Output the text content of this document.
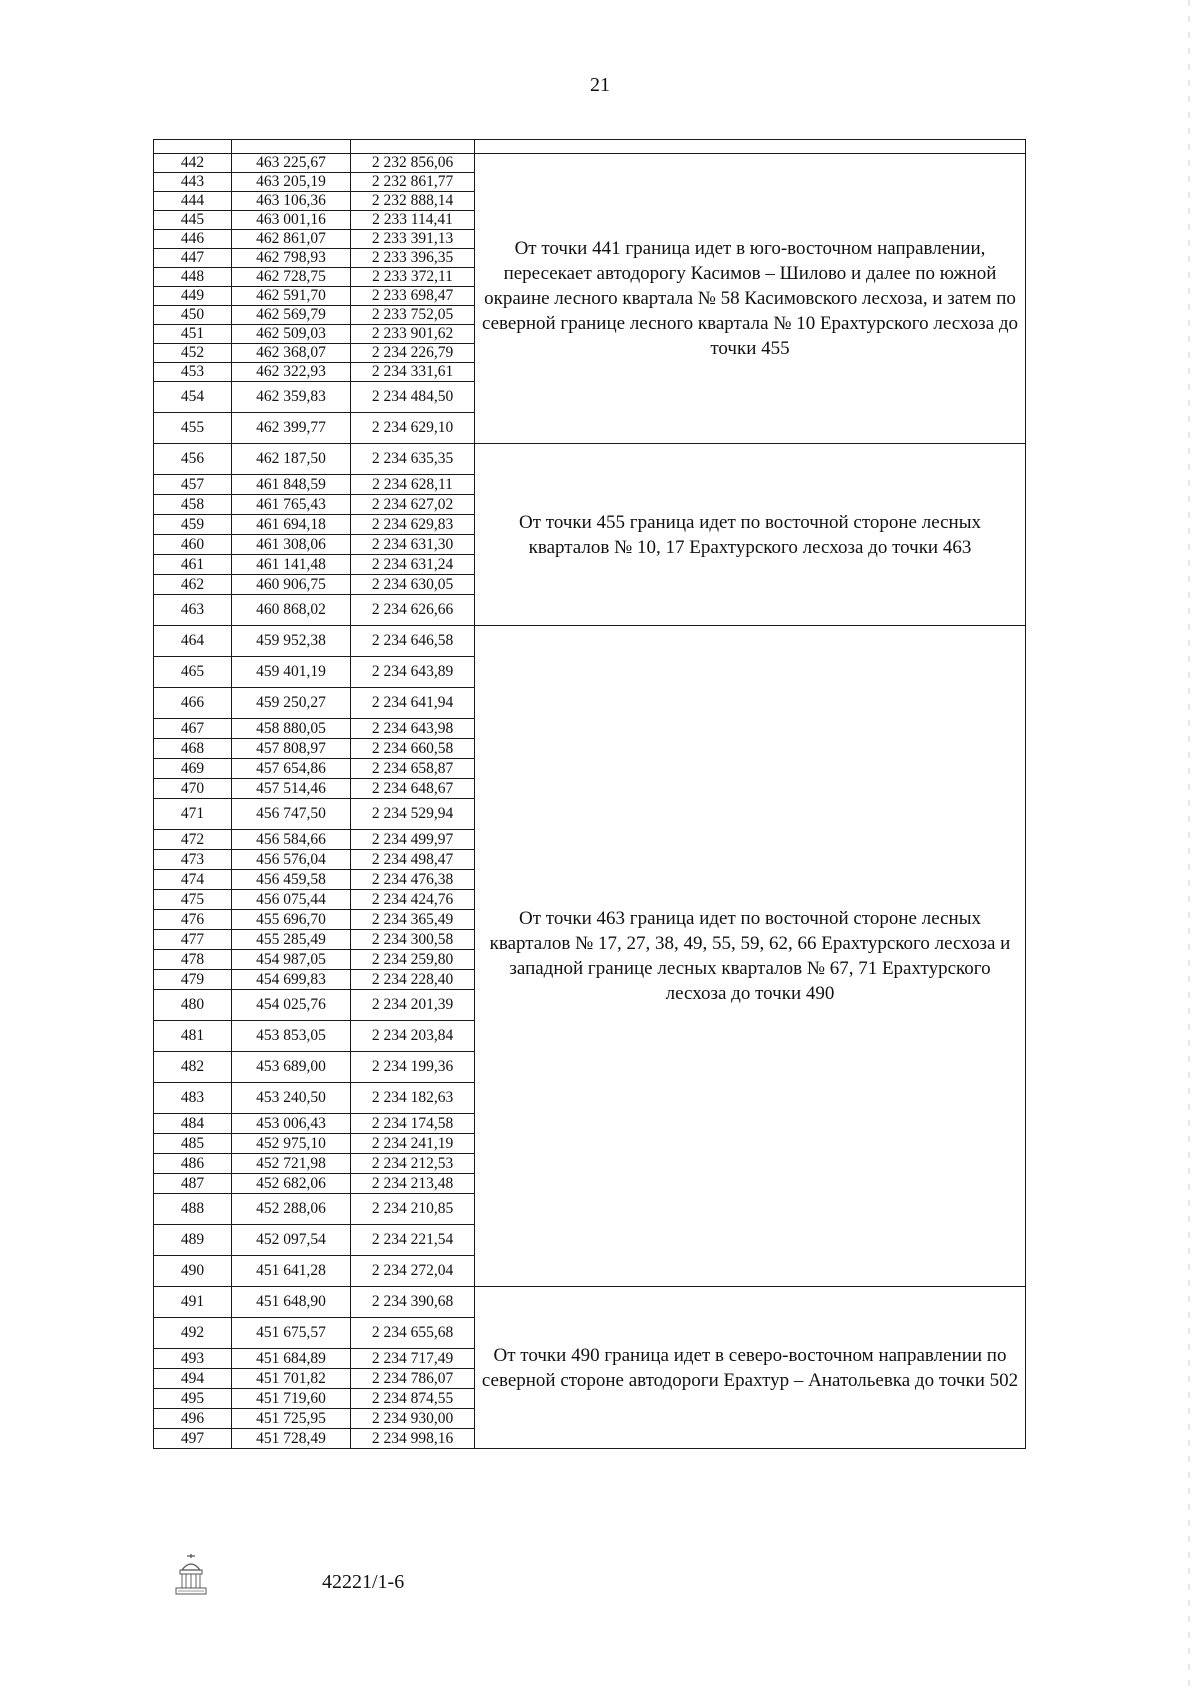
21

442	463 225,67	2 232 856,06	От точки 441 граница идет в юго-восточном направлении, пересекает автодорогу Касимов – Шилово и далее по южной окраине лесного квартала № 58 Касимовского лесхоза, и затем по северной границе лесного квартала № 10 Ерахтурского лесхоза до точки 455
443	463 205,19	2 232 861,77	
444	463 106,36	2 232 888,14	
445	463 001,16	2 233 114,41	
446	462 861,07	2 233 391,13	
447	462 798,93	2 233 396,35	
448	462 728,75	2 233 372,11	
449	462 591,70	2 233 698,47	
450	462 569,79	2 233 752,05	
451	462 509,03	2 233 901,62	
452	462 368,07	2 234 226,79	
453	462 322,93	2 234 331,61	
454	462 359,83	2 234 484,50	
455	462 399,77	2 234 629,10	
456	462 187,50	2 234 635,35	От точки 455 граница идет по восточной стороне лесных кварталов № 10, 17 Ерахтурского лесхоза до точки 463
457	461 848,59	2 234 628,11	
458	461 765,43	2 234 627,02	
459	461 694,18	2 234 629,83	
460	461 308,06	2 234 631,30	
461	461 141,48	2 234 631,24	
462	460 906,75	2 234 630,05	
463	460 868,02	2 234 626,66	
464	459 952,38	2 234 646,58	От точки 463 граница идет по восточной стороне лесных кварталов № 17, 27, 38, 49, 55, 59, 62, 66 Ерахтурского лесхоза и западной границе лесных кварталов № 67, 71 Ерахтурского лесхоза до точки 490
465	459 401,19	2 234 643,89	
466	459 250,27	2 234 641,94	
467	458 880,05	2 234 643,98	
468	457 808,97	2 234 660,58	
469	457 654,86	2 234 658,87	
470	457 514,46	2 234 648,67	
471	456 747,50	2 234 529,94	
472	456 584,66	2 234 499,97	
473	456 576,04	2 234 498,47	
474	456 459,58	2 234 476,38	
475	456 075,44	2 234 424,76	
476	455 696,70	2 234 365,49	
477	455 285,49	2 234 300,58	
478	454 987,05	2 234 259,80	
479	454 699,83	2 234 228,40	
480	454 025,76	2 234 201,39	
481	453 853,05	2 234 203,84	
482	453 689,00	2 234 199,36	
483	453 240,50	2 234 182,63	
484	453 006,43	2 234 174,58	
485	452 975,10	2 234 241,19	
486	452 721,98	2 234 212,53	
487	452 682,06	2 234 213,48	
488	452 288,06	2 234 210,85	
489	452 097,54	2 234 221,54	
490	451 641,28	2 234 272,04	
491	451 648,90	2 234 390,68	От точки 490 граница идет в северо-восточном направлении по северной стороне автодороги Ерахтур – Анатольевка до точки 502
492	451 675,57	2 234 655,68	
493	451 684,89	2 234 717,49	
494	451 701,82	2 234 786,07	
495	451 719,60	2 234 874,55	
496	451 725,95	2 234 930,00	
497	451 728,49	2 234 998,16	
42221/1-6
